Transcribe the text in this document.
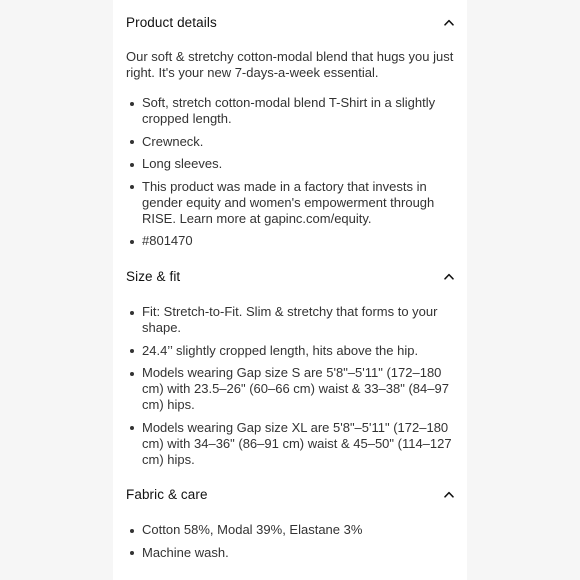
Product details
Our soft & stretchy cotton-modal blend that hugs you just right. It's your new 7-days-a-week essential.
Soft, stretch cotton-modal blend T-Shirt in a slightly cropped length.
Crewneck.
Long sleeves.
This product was made in a factory that invests in gender equity and women's empowerment through RISE. Learn more at gapinc.com/equity.
#801470
Size & fit
Fit: Stretch-to-Fit. Slim & stretchy that forms to your shape.
24.4’’ slightly cropped length, hits above the hip.
Models wearing Gap size S are 5'8"–5'11" (172–180 cm) with 23.5–26" (60–66 cm) waist & 33–38" (84–97 cm) hips.
Models wearing Gap size XL are 5'8"–5'11" (172–180 cm) with 34–36" (86–91 cm) waist & 45–50" (114–127 cm) hips.
Fabric & care
Cotton 58%, Modal 39%, Elastane 3%
Machine wash.
